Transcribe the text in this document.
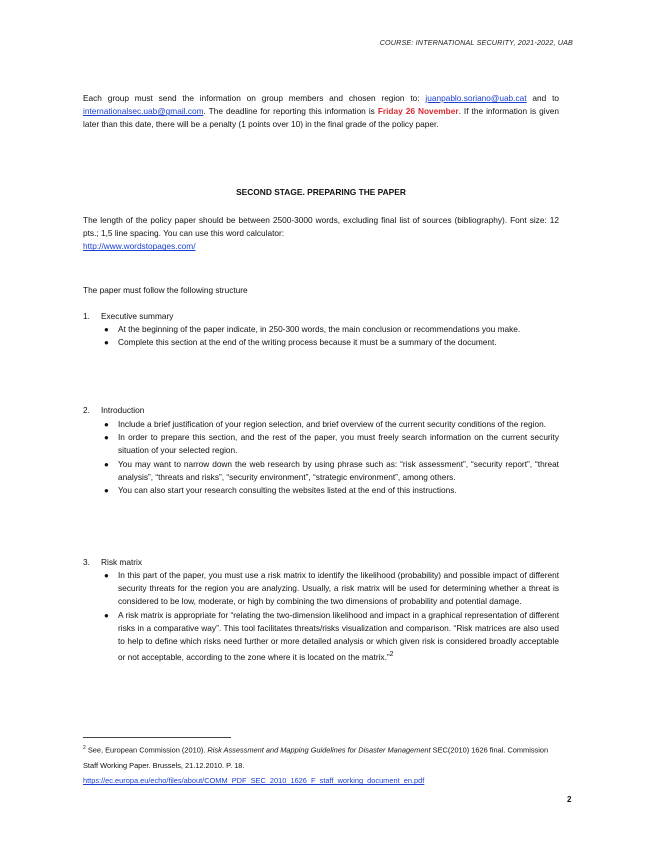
COURSE: INTERNATIONAL SECURITY, 2021-2022, UAB
Each group must send the information on group members and chosen region to: juanpablo.soriano@uab.cat and to internationalsec.uab@gmail.com. The deadline for reporting this information is Friday 26 November. If the information is given later than this date, there will be a penalty (1 points over 10) in the final grade of the policy paper.
SECOND STAGE. PREPARING THE PAPER
The length of the policy paper should be between 2500-3000 words, excluding final list of sources (bibliography). Font size: 12 pts.; 1,5 line spacing. You can use this word calculator:
http://www.wordstopages.com/
The paper must follow the following structure
1. Executive summary
● At the beginning of the paper indicate, in 250-300 words, the main conclusion or recommendations you make.
● Complete this section at the end of the writing process because it must be a summary of the document.
2. Introduction
● Include a brief justification of your region selection, and brief overview of the current security conditions of the region.
● In order to prepare this section, and the rest of the paper, you must freely search information on the current security situation of your selected region.
● You may want to narrow down the web research by using phrase such as: “risk assessment”, “security report”, “threat analysis”, “threats and risks”, “security environment”, “strategic environment”, among others.
● You can also start your research consulting the websites listed at the end of this instructions.
3. Risk matrix
● In this part of the paper, you must use a risk matrix to identify the likelihood (probability) and possible impact of different security threats for the region you are analyzing. Usually, a risk matrix will be used for determining whether a threat is considered to be low, moderate, or high by combining the two dimensions of probability and potential damage.
● A risk matrix is appropriate for “relating the two-dimension likelihood and impact in a graphical representation of different risks in a comparative way”. This tool facilitates threats/risks visualization and comparison. “Risk matrices are also used to help to define which risks need further or more detailed analysis or which given risk is considered broadly acceptable or not acceptable, according to the zone where it is located on the matrix.”$^2$
$^2$ See, European Commission (2010). Risk Assessment and Mapping Guidelines for Disaster Management SEC(2010) 1626 final. Commission Staff Working Paper. Brussels, 21.12.2010. P. 18.
https://ec.europa.eu/echo/files/about/COMM_PDF_SEC_2010_1626_F_staff_working_document_en.pdf
2
